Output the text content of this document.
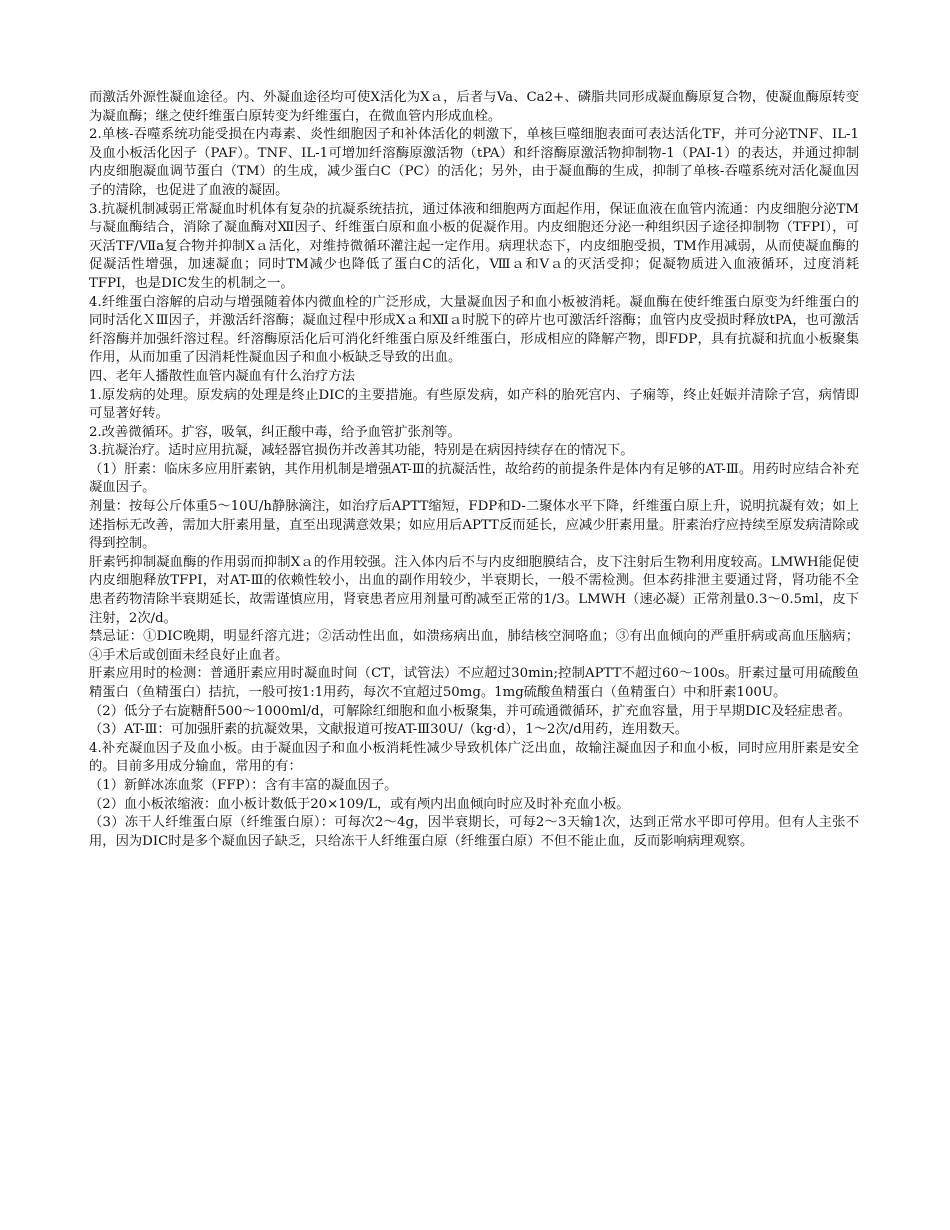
而激活外源性凝血途径。内、外凝血途径均可使Ⅹ活化为Ⅹａ，后者与Va、Ca2+、磷脂共同形成凝血酶原复合物，使凝血酶原转变为凝血酶；继之使纤维蛋白原转变为纤维蛋白，在微血管内形成血栓。

2.单核-吞噬系统功能受损在内毒素、炎性细胞因子和补体活化的刺激下，单核巨噬细胞表面可表达活化TF，并可分泌TNF、IL-1及血小板活化因子（PAF）。TNF、IL-1可增加纤溶酶原激活物（tPA）和纤溶酶原激活物抑制物-1（PAI-1）的表达，并通过抑制内皮细胞凝血调节蛋白（TM）的生成，减少蛋白C（PC）的活化；另外，由于凝血酶的生成，抑制了单核-吞噬系统对活化凝血因子的清除，也促进了血液的凝固。

3.抗凝机制减弱正常凝血时机体有复杂的抗凝系统拮抗，通过体液和细胞两方面起作用，保证血液在血管内流通：内皮细胞分泌TM与凝血酶结合，消除了凝血酶对Ⅻ因子、纤维蛋白原和血小板的促凝作用。内皮细胞还分泌一种组织因子途径抑制物（TFPI），可灭活TF/Ⅶa复合物并抑制Ⅹａ活化，对维持微循环灌注起一定作用。病理状态下，内皮细胞受损，TM作用减弱，从而使凝血酶的促凝活性增强，加速凝血；同时TM减少也降低了蛋白C的活化，Ⅷａ和Ⅴａ的灭活受抑；促凝物质进入血液循环，过度消耗TFPI，也是DIC发生的机制之一。

4.纤维蛋白溶解的启动与增强随着体内微血栓的广泛形成，大量凝血因子和血小板被消耗。凝血酶在使纤维蛋白原变为纤维蛋白的同时活化ＸⅢ因子，并激活纤溶酶；凝血过程中形成Ⅹａ和Ⅻａ时脱下的碎片也可激活纤溶酶；血管内皮受损时释放tPA，也可激活纤溶酶并加强纤溶过程。纤溶酶原活化后可消化纤维蛋白原及纤维蛋白，形成相应的降解产物，即FDP，具有抗凝和抗血小板聚集作用，从而加重了因消耗性凝血因子和血小板缺乏导致的出血。

四、老年人播散性血管内凝血有什么治疗方法

1.原发病的处理。原发病的处理是终止DIC的主要措施。有些原发病，如产科的胎死宫内、子痫等，终止妊娠并清除子宫，病情即可显著好转。

2.改善微循环。扩容，吸氧，纠正酸中毒，给予血管扩张剂等。

3.抗凝治疗。适时应用抗凝，减轻器官损伤并改善其功能，特别是在病因持续存在的情况下。

（1）肝素：临床多应用肝素钠，其作用机制是增强AT-Ⅲ的抗凝活性，故给药的前提条件是体内有足够的AT-Ⅲ。用药时应结合补充凝血因子。

剂量：按每公斤体重5～10U/h静脉滴注，如治疗后APTT缩短，FDP和D-二聚体水平下降，纤维蛋白原上升，说明抗凝有效；如上述指标无改善，需加大肝素用量，直至出现满意效果；如应用后APTT反而延长，应减少肝素用量。肝素治疗应持续至原发病清除或得到控制。

肝素钙抑制凝血酶的作用弱而抑制Ⅹａ的作用较强。注入体内后不与内皮细胞膜结合，皮下注射后生物利用度较高。LMWH能促使内皮细胞释放TFPI，对AT-Ⅲ的依赖性较小，出血的副作用较少，半衰期长，一般不需检测。但本药排泄主要通过肾，肾功能不全患者药物清除半衰期延长，故需谨慎应用，肾衰患者应用剂量可酌减至正常的1/3。LMWH（速必凝）正常剂量0.3～0.5ml，皮下注射，2次/d。

禁忌证：①DIC晚期，明显纤溶亢进；②活动性出血，如溃疡病出血，肺结核空洞咯血；③有出血倾向的严重肝病或高血压脑病；④手术后或创面未经良好止血者。

肝素应用时的检测：普通肝素应用时凝血时间（CT，试管法）不应超过30min;控制APTT不超过60～100s。肝素过量可用硫酸鱼精蛋白（鱼精蛋白）拮抗，一般可按1:1用药，每次不宜超过50mg。1mg硫酸鱼精蛋白（鱼精蛋白）中和肝素100U。

（2）低分子右旋糖酐500～1000ml/d，可解除红细胞和血小板聚集，并可疏通微循环，扩充血容量，用于早期DIC及轻症患者。

（3）AT-Ⅲ：可加强肝素的抗凝效果，文献报道可按AT-Ⅲ30U/（kg·d），1～2次/d用药，连用数天。

4.补充凝血因子及血小板。由于凝血因子和血小板消耗性减少导致机体广泛出血，故输注凝血因子和血小板，同时应用肝素是安全的。目前多用成分输血，常用的有：

（1）新鲜冰冻血浆（FFP）：含有丰富的凝血因子。

（2）血小板浓缩液：血小板计数低于20×109/L，或有颅内出血倾向时应及时补充血小板。

（3）冻干人纤维蛋白原（纤维蛋白原）：可每次2～4g，因半衰期长，可每2～3天输1次，达到正常水平即可停用。但有人主张不用，因为DIC时是多个凝血因子缺乏，只给冻干人纤维蛋白原（纤维蛋白原）不但不能止血，反而影响病理观察。
